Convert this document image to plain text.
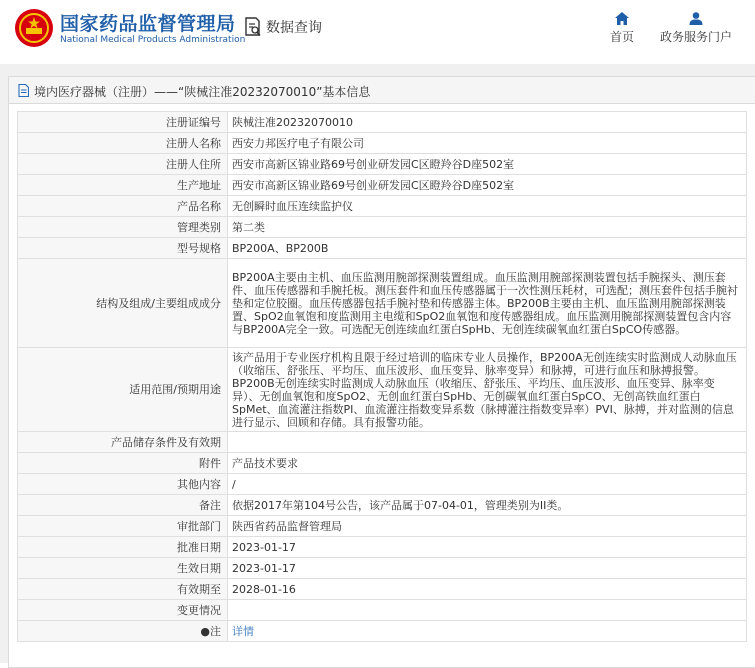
国家药品监督管理局
National Medical Products Administration
数据查询
首页	政务服务门户
境内医疗器械（注册）——“陕械注准20232070010”基本信息
注册证编号	陕械注准20232070010
注册人名称	西安力邦医疗电子有限公司
注册人住所	西安市高新区锦业路69号创业研发园C区瞪羚谷D座502室
生产地址	西安市高新区锦业路69号创业研发园C区瞪羚谷D座502室
产品名称	无创瞬时血压连续监护仪
管理类别	第二类
型号规格	BP200A、BP200B
结构及组成/主要组成成分	BP200A主要由主机、血压监测用腕部探测装置组成。血压监测用腕部探测装置包括手腕探头、测压套件、血压传感器和手腕托板。测压套件和血压传感器属于一次性测压耗材，可选配；测压套件包括手腕衬垫和定位胶圈。血压传感器包括手腕衬垫和传感器主体。BP200B主要由主机、血压监测用腕部探测装置、SpO2血氧饱和度监测用主电缆和SpO2血氧饱和度传感器组成。血压监测用腕部探测装置包含内容与BP200A完全一致。可选配无创连续血红蛋白SpHb、无创连续碳氧血红蛋白SpCO传感器。
适用范围/预期用途	该产品用于专业医疗机构且限于经过培训的临床专业人员操作，BP200A无创连续实时监测成人动脉血压（收缩压、舒张压、平均压、血压波形、血压变异、脉率变异）和脉搏，可进行血压和脉搏报警。BP200B无创连续实时监测成人动脉血压（收缩压、舒张压、平均压、血压波形、血压变异、脉率变异）、无创血氧饱和度SpO2、无创血红蛋白SpHb、无创碳氧血红蛋白SpCO、无创高铁血红蛋白SpMet、血流灌注指数PI、血流灌注指数变异系数（脉搏灌注指数变异率）PVI、脉搏，并对监测的信息进行显示、回顾和存储。具有报警功能。
产品储存条件及有效期	
附件	产品技术要求
其他内容	/
备注	依据2017年第104号公告，该产品属于07-04-01，管理类别为II类。
审批部门	陕西省药品监督管理局
批准日期	2023-01-17
生效日期	2023-01-17
有效期至	2028-01-16
变更情况	
●注	详情
